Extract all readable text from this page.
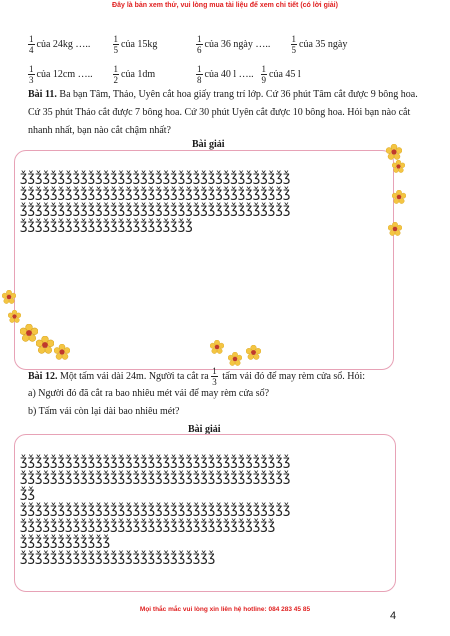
Đây là bản xem thử, vui lòng mua tài liệu để xem chi tiết (có lời giải)
$\frac{1}{4}$ của 24kg …..	$\frac{1}{5}$ của 15kg	$\frac{1}{6}$ của 36 ngày …..	$\frac{1}{5}$ của 35 ngày
$\frac{1}{3}$ của 12cm …..	$\frac{1}{2}$ của 1dm	$\frac{1}{8}$ của 40 l ….. $\frac{1}{9}$ của 45 l
Bài 11. Ba bạn Tâm, Thảo, Uyên cắt hoa giấy trang trí lớp. Cứ 36 phút Tâm cắt được 9 bông hoa. Cứ 35 phút Thảo cắt được 7 bông hoa. Cứ 30 phút Uyên cắt được 10 bông hoa. Hỏi bạn nào cắt nhanh nhất, bạn nào cắt chậm nhất?
Bài giải

ǯǯǯǯǯǯǯǯǯǯǯǯǯǯǯǯǯǯǯǯǯǯǯǯǯǯǯǯǯǯǯǯǯǯǯǯ
ǯǯǯǯǯǯǯǯǯǯǯǯǯǯǯǯǯǯǯǯǯǯǯǯǯǯǯǯǯǯǯǯǯǯǯǯ
ǯǯǯǯǯǯǯǯǯǯǯǯǯǯǯǯǯǯǯǯǯǯǯǯǯǯǯǯǯǯǯǯǯǯǯǯ
ǯǯǯǯǯǯǯǯǯǯǯǯǯǯǯǯǯǯǯǯǯǯǯ

Bài 12. Một tấm vải dài 24m. Người ta cắt ra $\frac{1}{3}$ tấm vải đó để may rèm cửa sổ. Hỏi:
a) Người đó đã cắt ra bao nhiêu mét vải để may rèm cửa sổ?
b) Tấm vải còn lại dài bao nhiêu mét?
Bài giải

ǯǯǯǯǯǯǯǯǯǯǯǯǯǯǯǯǯǯǯǯǯǯǯǯǯǯǯǯǯǯǯǯǯǯǯǯ
ǯǯǯǯǯǯǯǯǯǯǯǯǯǯǯǯǯǯǯǯǯǯǯǯǯǯǯǯǯǯǯǯǯǯǯǯ
ǯǯ
ǯǯǯǯǯǯǯǯǯǯǯǯǯǯǯǯǯǯǯǯǯǯǯǯǯǯǯǯǯǯǯǯǯǯǯǯ
ǯǯǯǯǯǯǯǯǯǯǯǯǯǯǯǯǯǯǯǯǯǯǯǯǯǯǯǯǯǯǯǯǯǯ
ǯǯǯǯǯǯǯǯǯǯǯǯ
ǯǯǯǯǯǯǯǯǯǯǯǯǯǯǯǯǯǯǯǯǯǯǯǯǯǯ

Mọi thắc mắc vui lòng xin liên hệ hotline: 084 283 45 85
4
